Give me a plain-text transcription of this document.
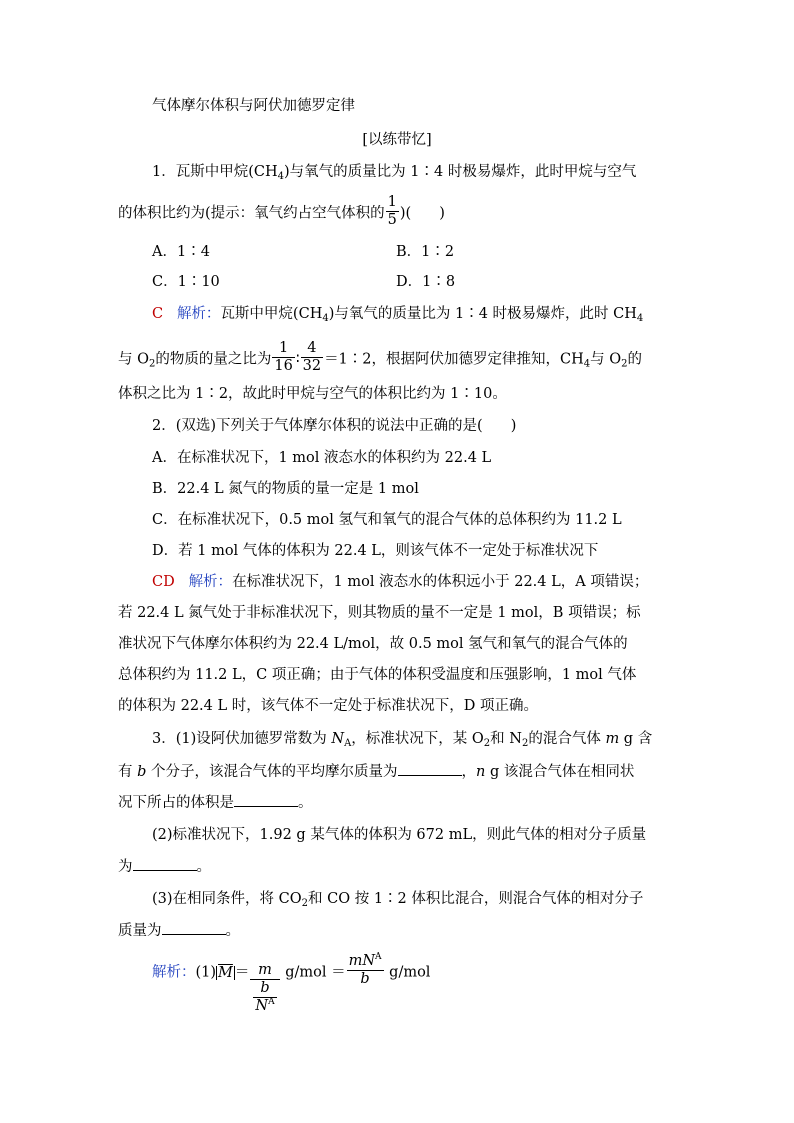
气体摩尔体积与阿伏加德罗定律
[以练带忆]
1．瓦斯中甲烷$(CH_4)$与氧气的质量比为 1∶4 时极易爆炸，此时甲烷与空气
的体积比约为(提示：氧气约占空气体积的 $\frac{1}{5}$ )( )
A．1∶4	B．1∶2
C．1∶10	D．1∶8
C 解析：瓦斯中甲烷$(CH_4)$与氧气的质量比为 1∶4 时极易爆炸，此时 $CH_4$
与 $O_2$的物质的量之比为 $\frac{1}{16}$ ∶ $\frac{4}{32}$ ＝1∶2，根据阿伏加德罗定律推知，$CH_4$与 $O_2$的
体积之比为 1∶2，故此时甲烷与空气的体积比约为 1∶10。
2．(双选)下列关于气体摩尔体积的说法中正确的是( )
A．在标准状况下，1 mol 液态水的体积约为 22.4 L
B．22.4 L 氮气的物质的量一定是 1 mol
C．在标准状况下，0.5 mol 氢气和氧气的混合气体的总体积约为 11.2 L
D．若 1 mol 气体的体积为 22.4 L，则该气体不一定处于标准状况下
CD 解析：在标准状况下，1 mol 液态水的体积远小于 22.4 L，A 项错误；
若 22.4 L 氮气处于非标准状况下，则其物质的量不一定是 1 mol，B 项错误；标
准状况下气体摩尔体积约为 22.4 L/mol，故 0.5 mol 氢气和氧气的混合气体的
总体积约为 11.2 L，C 项正确；由于气体的体积受温度和压强影响，1 mol 气体
的体积为 22.4 L 时，该气体不一定处于标准状况下，D 项正确。
3．(1)设阿伏加德罗常数为 $N_A$，标准状况下，某 $O_2$和 $N_2$的混合气体 m g 含
有 b 个分子，该混合气体的平均摩尔质量为	，n g 该混合气体在相同状
况下所占的体积是	。
(2)标准状况下，1.92 g 某气体的体积为 672 mL，则此气体的相对分子质量
为	。
(3)在相同条件，将 $CO_2$和 CO 按 1∶2 体积比混合，则混合气体的相对分子
质量为	。
解析：(1) $\overline{M} = \frac{m}{\frac{b}{N^A}} g/mol = \frac{mN^A}{b} g/mol$
